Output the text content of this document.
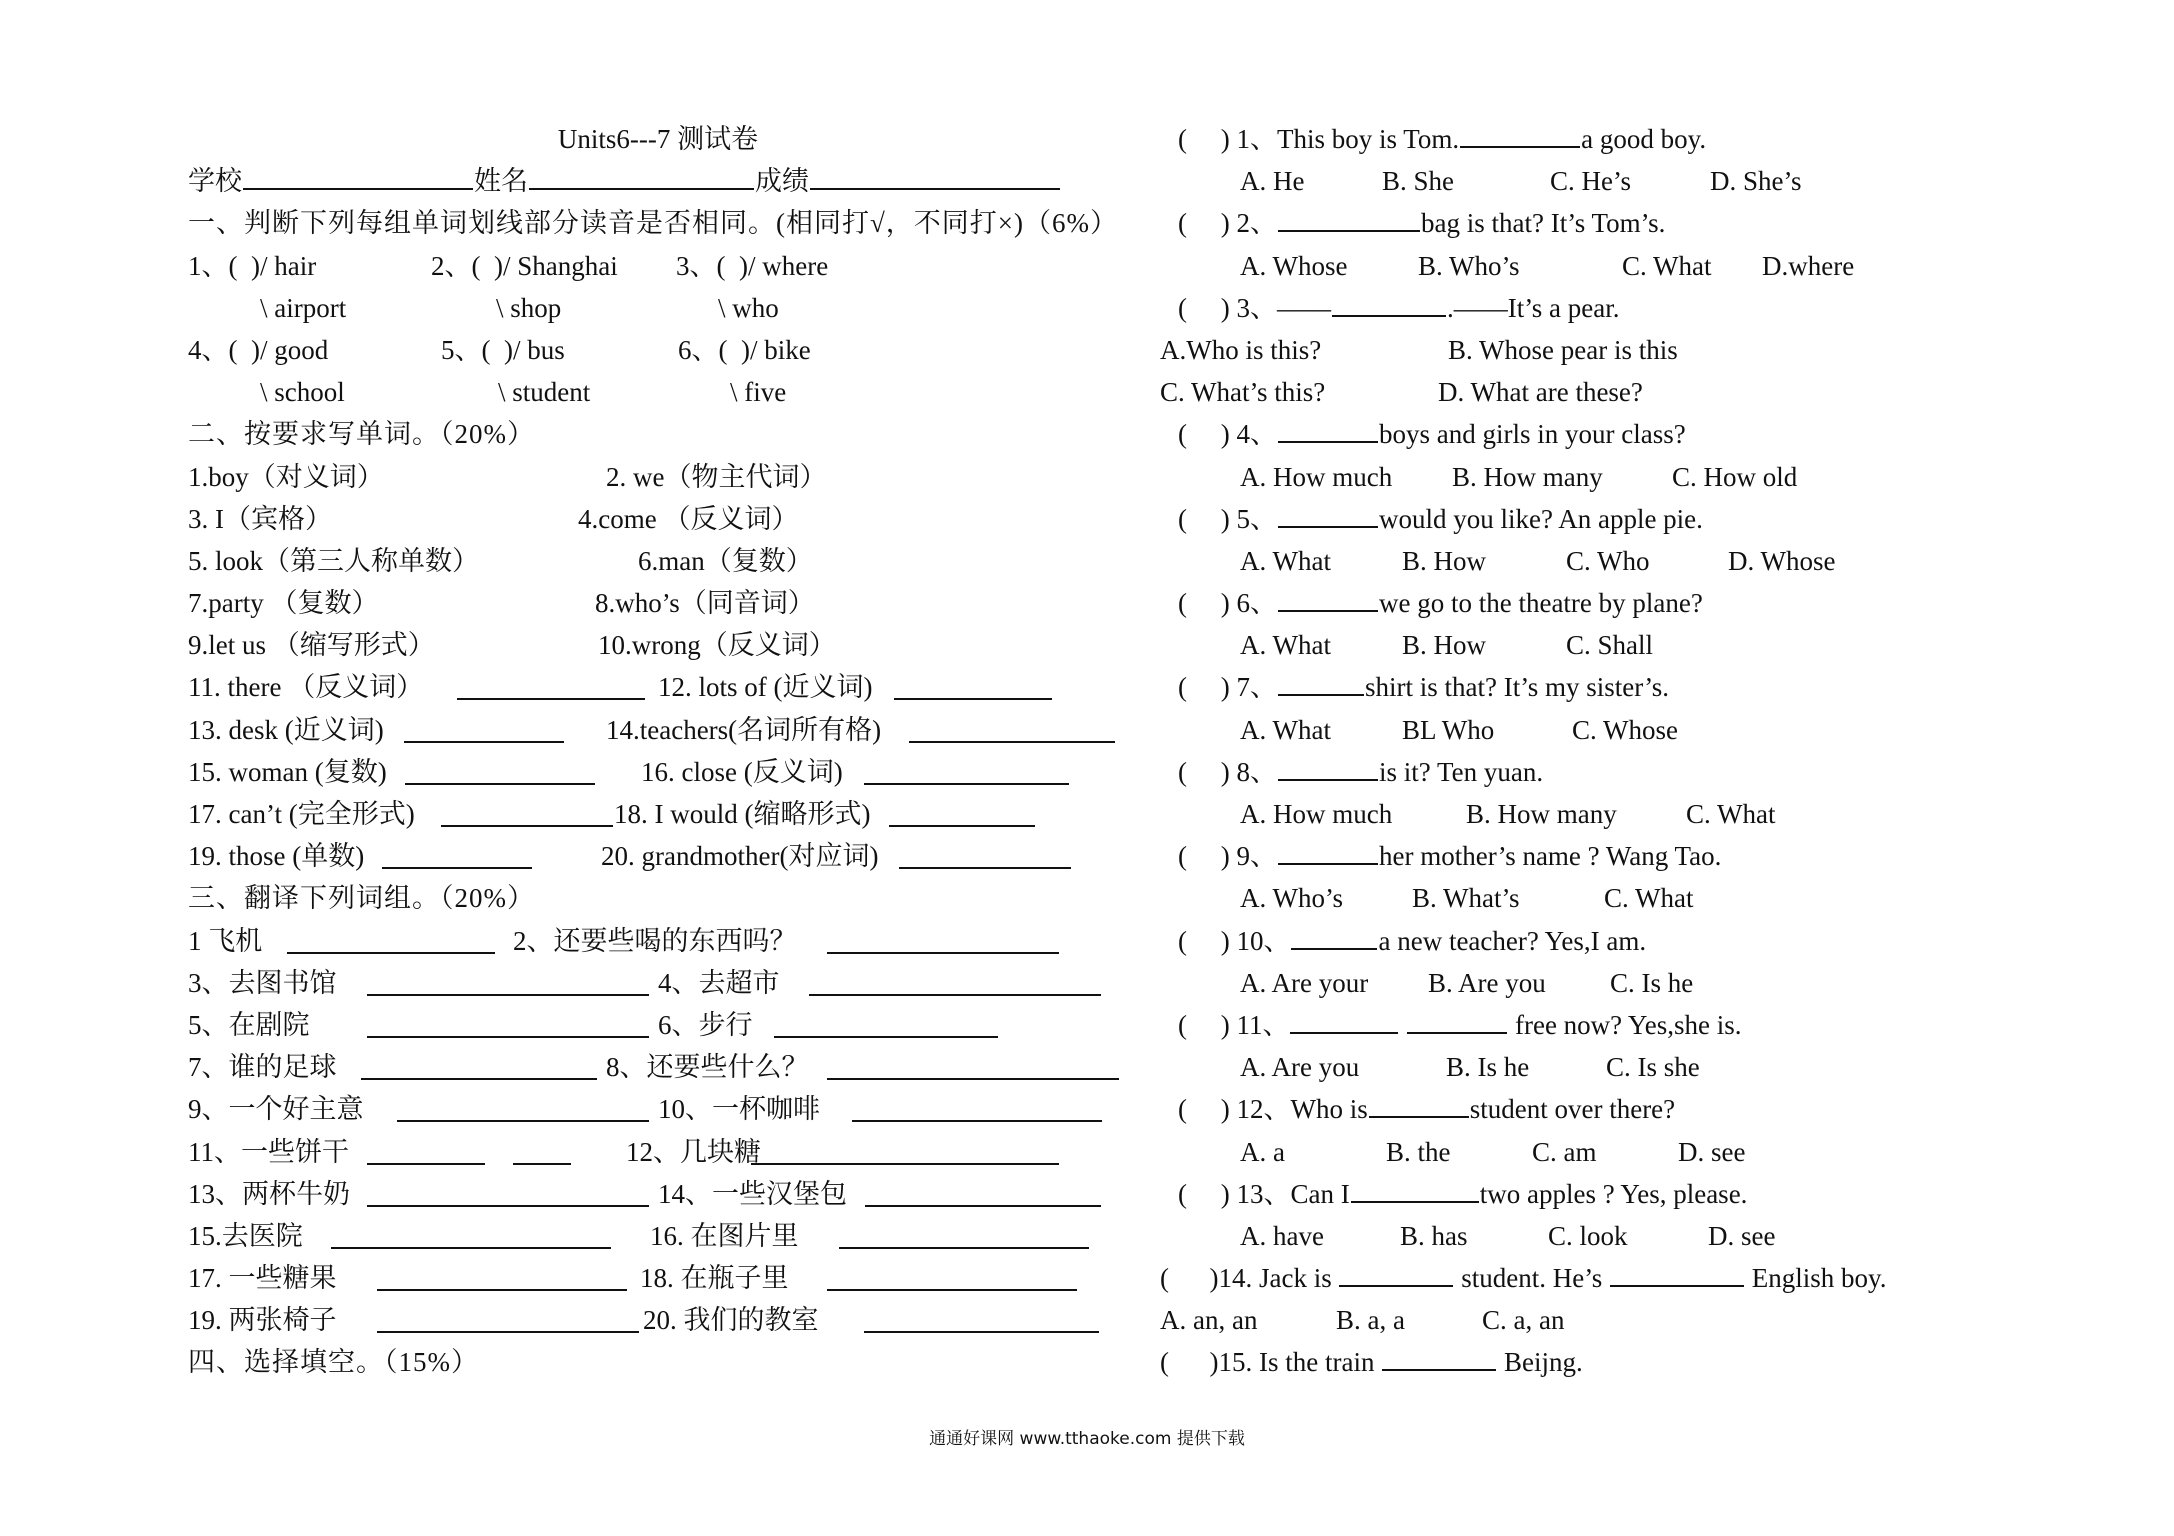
Units6---7 测试卷
学校	姓名	成绩
一、判断下列每组单词划线部分读音是否相同。(相同打√，不同打×)（6%）
1、(  )/ hair	2、(  )/ Shanghai 3、(  )/ where
\ airport	\ shop	\ who
4、(  )/ good	5、(  )/ bus	6、(  )/ bike
\ school	\ student	\ five
二、按要求写单词。（20%）
1.boy（对义词）	2. we（物主代词）
3. I（宾格）	4.come （反义词）
5. look（第三人称单数）	6.man（复数）
7.party （复数）	8.who’s（同音词）
9.let us （缩写形式）	10.wrong（反义词）
11. there （反义词）	12. lots of (近义词)
13. desk (近义词)	14.teachers(名词所有格)
15. woman (复数)	16. close (反义词)
17. can’t (完全形式)	18. I would (缩略形式)
19. those (单数)	20. grandmother(对应词)
三、翻译下列词组。（20%）
1 飞机	2、还要些喝的东西吗？
3、去图书馆	4、去超市
5、在剧院	6、步行
7、谁的足球	8、还要些什么？
9、一个好主意	10、一杯咖啡
11、一些饼干	12、几块糖
13、两杯牛奶	14、一些汉堡包
15.去医院	16. 在图片里
17. 一些糖果	18. 在瓶子里
19. 两张椅子	20. 我们的教室
四、选择填空。（15%）
(     ) 1、This boy is Tom.	a good boy.
A. He	B. She	C. He’s	D. She’s
(     ) 2、	bag is that? It’s Tom’s.
A. Whose	B. Who’s	C. What D.where
(     ) 3、——	.——It’s a pear.
A.Who is this?	B. Whose pear is this
C. What’s this?	D. What are these?
(     ) 4、	boys and girls in your class?
A. How much B. How many	C. How old
(     ) 5、	would you like? An apple pie.
A. What	B. How	C. Who	D. Whose
(     ) 6、	we go to the theatre by plane?
A. What	B. How	C. Shall
(     ) 7、	shirt is that? It’s my sister’s.
A. What	BL Who	C. Whose
(     ) 8、	is it? Ten yuan.
A. How much	B. How many	C. What
(     ) 9、	her mother’s name ? Wang Tao.
A. Who’s	B. What’s	C. What
(     ) 10、	a new teacher? Yes,I am.
A. Are your B. Are you C. Is he
(     ) 11、	free now? Yes,she is.
A. Are you	B. Is he	C. Is she
(     ) 12、Who is	student over there?
A. a	B. the	C. am	D. see
(     ) 13、Can I	two apples ? Yes, please.
A. have	B. has	C. look	D. see
(      )14. Jack is	student. He’s	English boy.
A. an, an	B. a, a	C. a, an
(      )15. Is the train	Beijng.
通通好课网 www.tthaoke.com 提供下载
